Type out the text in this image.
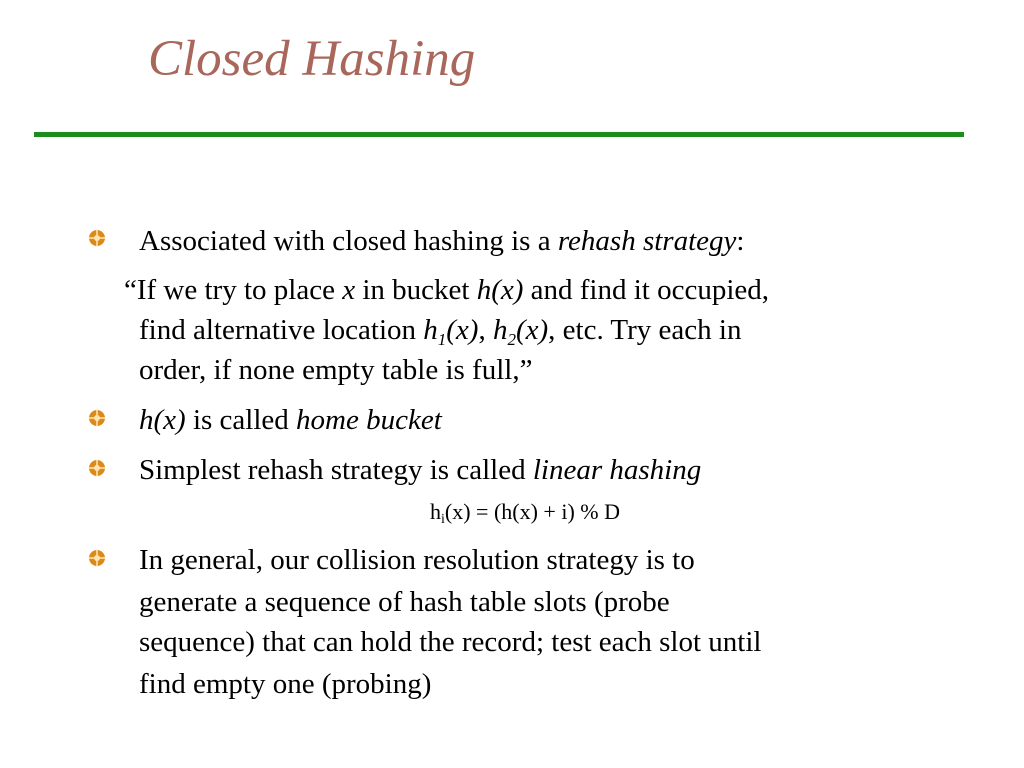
Closed Hashing
Associated with closed hashing is a rehash strategy:
“If we try to place x in bucket h(x) and find it occupied,
find alternative location $h_1(x)$, $h_2(x)$, etc. Try each in
order, if none empty table is full,”
h(x) is called home bucket
Simplest rehash strategy is called linear hashing
$h_i(x) = (h(x) + i)$ % D
In general, our collision resolution strategy is to
generate a sequence of hash table slots (probe
sequence) that can hold the record; test each slot until
find empty one (probing)
